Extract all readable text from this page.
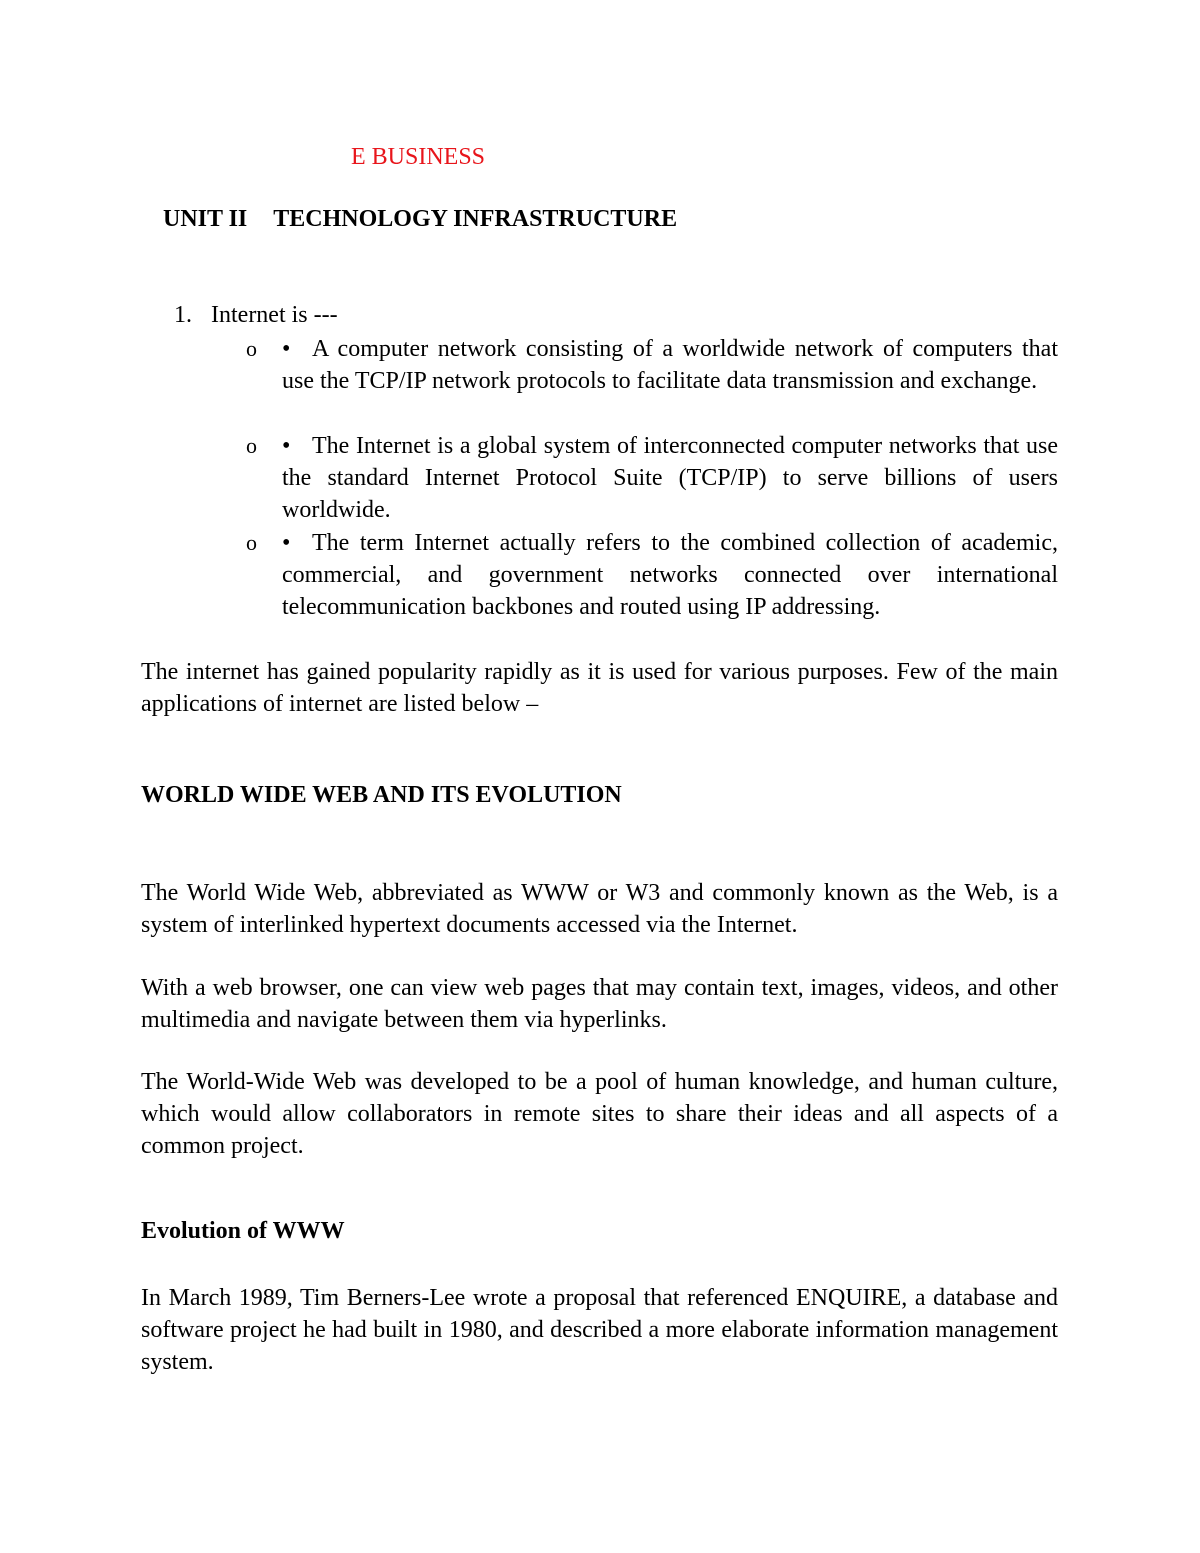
E BUSINESS
UNIT II TECHNOLOGY INFRASTRUCTURE
1. Internet is ---
o	• A computer network consisting of a worldwide network of computers that use the TCP/IP network protocols to facilitate data transmission and exchange.
o	• The Internet is a global system of interconnected computer networks that use the standard Internet Protocol Suite (TCP/IP) to serve billions of users worldwide.
o	• The term Internet actually refers to the combined collection of academic, commercial, and government networks connected over international telecommunication backbones and routed using IP addressing.
The internet has gained popularity rapidly as it is used for various purposes. Few of the main applications of internet are listed below –
WORLD WIDE WEB AND ITS EVOLUTION
The World Wide Web, abbreviated as WWW or W3 and commonly known as the Web, is a system of interlinked hypertext documents accessed via the Internet.
With a web browser, one can view web pages that may contain text, images, videos, and other multimedia and navigate between them via hyperlinks.
The World-Wide Web was developed to be a pool of human knowledge, and human culture, which would allow collaborators in remote sites to share their ideas and all aspects of a common project.
Evolution of WWW
In March 1989, Tim Berners-Lee wrote a proposal that referenced ENQUIRE, a database and software project he had built in 1980, and described a more elaborate information management system.
